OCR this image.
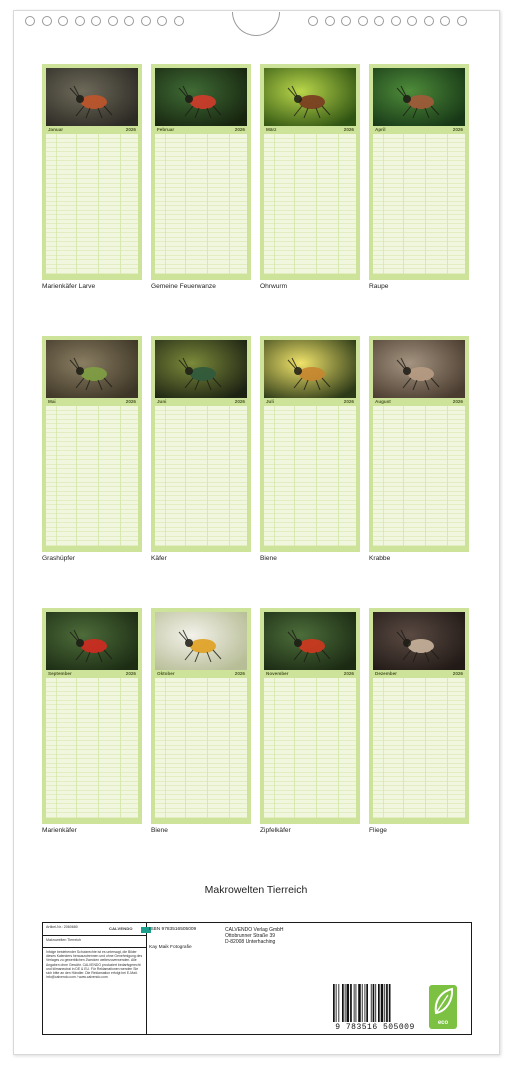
Januar	2026
Marienkäfer Larve
Februar	2026
Gemeine Feuerwanze
März	2026
Ohrwurm
April	2026
Raupe
Mai	2026
Grashüpfer
Juni	2026
Käfer
Juli	2026
Biene
August	2026
Krabbe
September	2026
Marienkäfer
Oktober	2026
Biene
November	2026
Zipfelkäfer
Dezember	2026
Fliege
Makrowelten Tierreich
Artikel-Nr.: 2060680	CALVENDO
Makrowelten Tierreich
Infolge bestehender Schutzrechte ist es untersagt, die Bilder dieses Kalenders herauszutrennen und ohne Genehmigung des Verlages zu gewerblichen Zwecken weiterzuverwenden. Alle Angaben ohne Gewähr. CALVENDO produziert bedarfsgerecht und klimaneutral in DE & EU. Für Reklamationen wenden Sie sich bitte an den Händler. Die Reklamation erfolgt bei E-Mail: info@calvendo.com / www.calvendo.com
ISBN 9783516505009
Kay Maik Fotografie
CALVENDO Verlag GmbH
Ottobrunner Straße 39
D-82008 Unterhaching
9 783516 505009	eco
